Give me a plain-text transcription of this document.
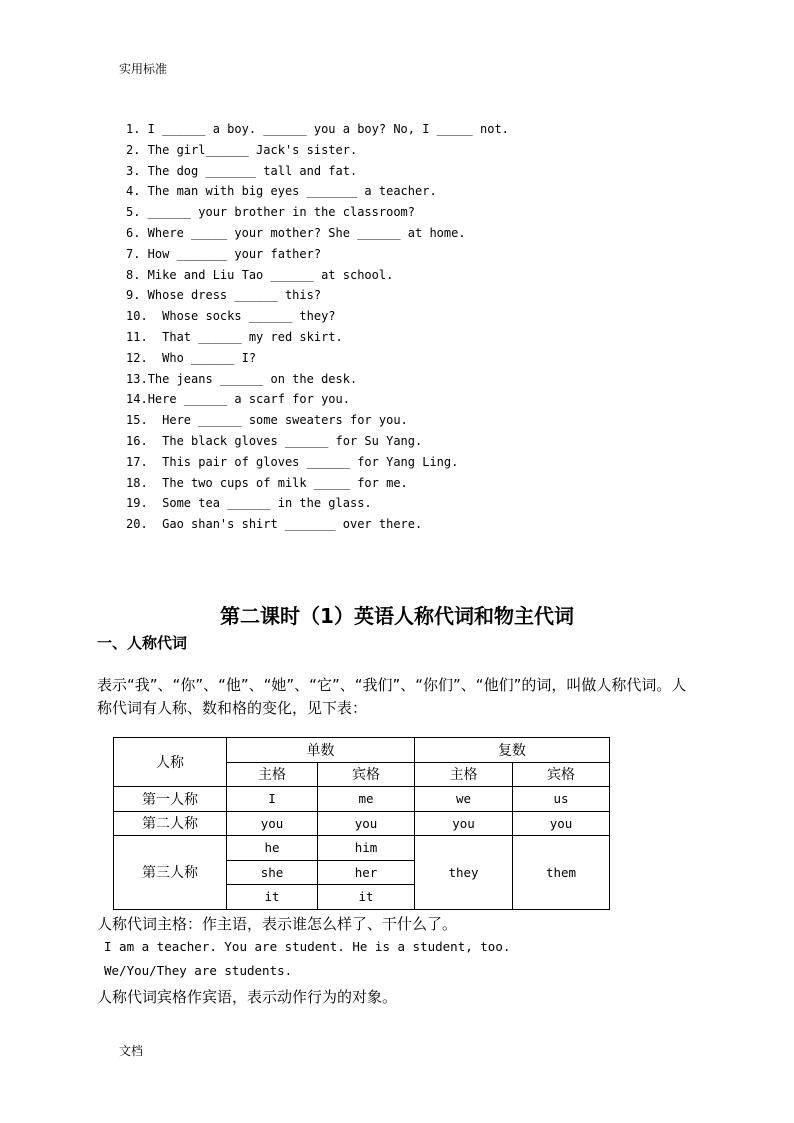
实用标准
1. I ______ a boy. ______ you a boy? No, I _____ not.
2. The girl______ Jack's sister.
3. The dog _______ tall and fat.
4. The man with big eyes _______ a teacher.
5. ______ your brother in the classroom?
6. Where _____ your mother? She ______ at home.
7. How _______ your father?
8. Mike and Liu Tao ______ at school.
9. Whose dress ______ this?
10.  Whose socks ______ they?
11.  That ______ my red skirt.
12.  Who ______ I?
13.The jeans ______ on the desk.
14.Here ______ a scarf for you.
15.  Here ______ some sweaters for you.
16.  The black gloves ______ for Su Yang.
17.  This pair of gloves ______ for Yang Ling.
18.  The two cups of milk _____ for me.
19.  Some tea ______ in the glass.
20.  Gao shan's shirt _______ over there.
第二课时（1）英语人称代词和物主代词
一、人称代词
表示“我”、“你”、“他”、“她”、“它”、“我们”、“你们”、“他们”的词，叫做人称代词。人称代词有人称、数和格的变化，见下表：
人称	单数		复数	
	主格	宾格	主格	宾格
第一人称	I	me	we	us
第二人称	you	you	you	you
第三人称	he	him	they	them
	she	her		
	it	it		
人称代词主格：作主语，表示谁怎么样了、干什么了。
I am a teacher. You are student. He is a student, too.
We/You/They are students.
人称代词宾格作宾语，表示动作行为的对象。
文档
